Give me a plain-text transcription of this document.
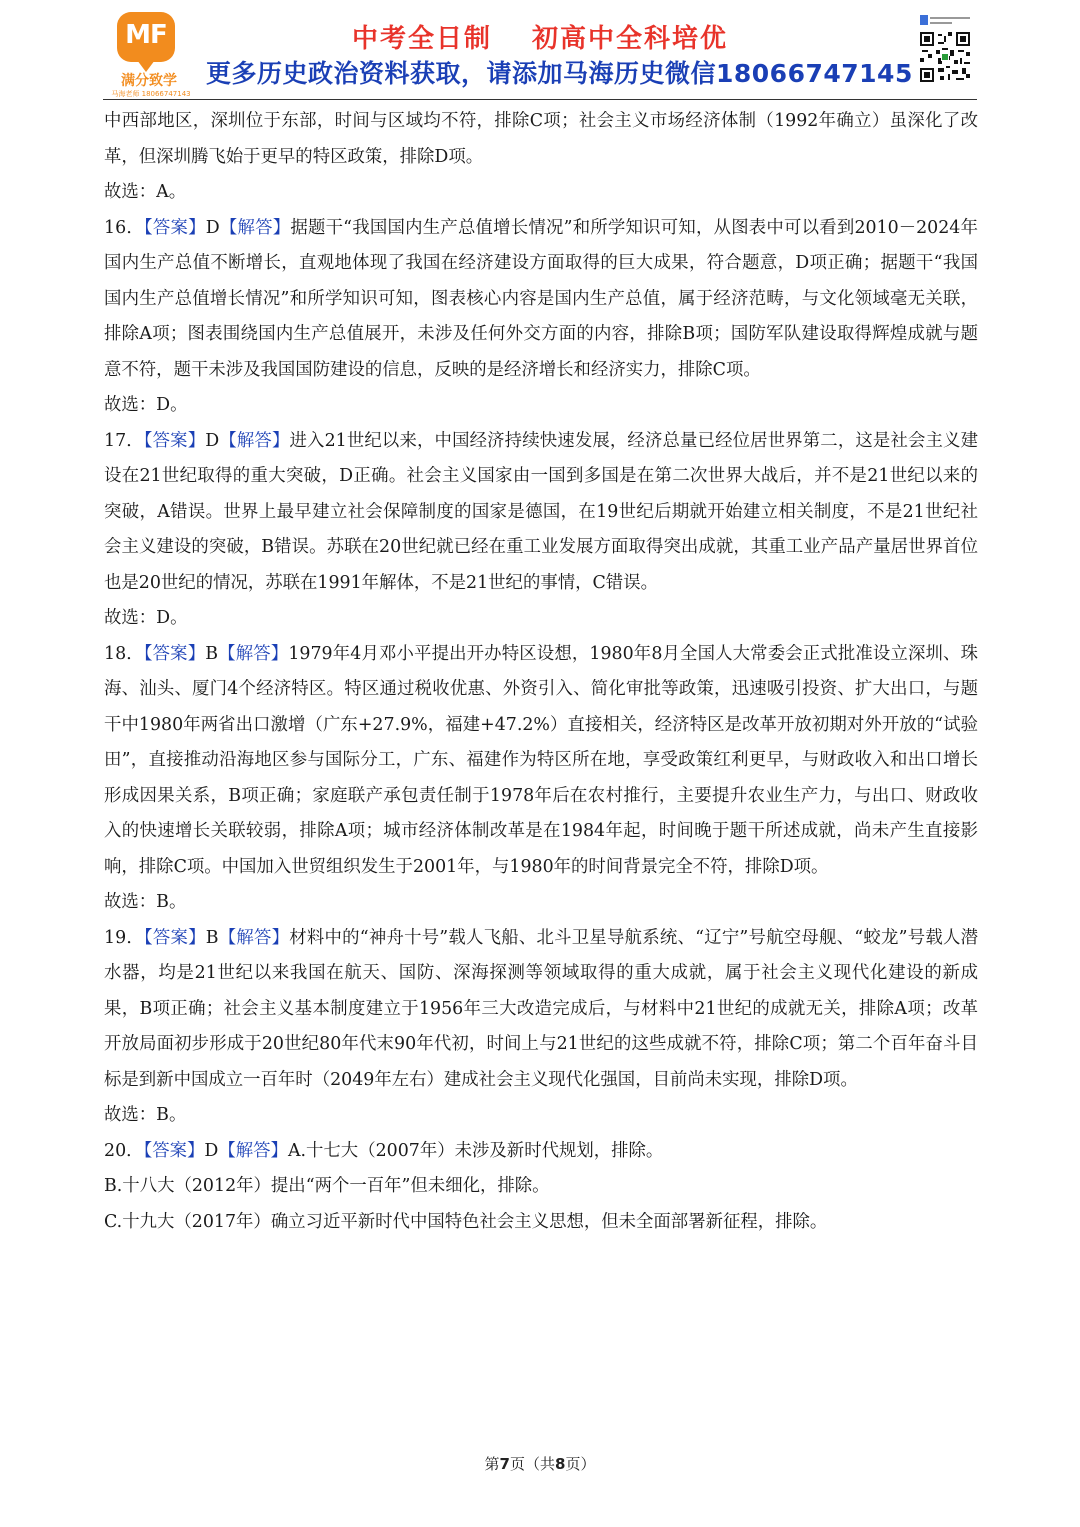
MF
满分致学
马海老师 18066747143
中考全日制 初高中全科培优
更多历史政治资料获取，请添加马海历史微信18066747145

中西部地区，深圳位于东部，时间与区域均不符，排除C项；社会主义市场经济体制（1992年确立）虽深化了改革，但深圳腾飞始于更早的特区政策，排除D项。

故选：A。

16．【答案】D【解答】据题干“我国国内生产总值增长情况”和所学知识可知，从图表中可以看到2010－2024年国内生产总值不断增长，直观地体现了我国在经济建设方面取得的巨大成果，符合题意，D项正确；据题干“我国国内生产总值增长情况”和所学知识可知，图表核心内容是国内生产总值，属于经济范畴，与文化领域毫无关联，排除A项；图表围绕国内生产总值展开，未涉及任何外交方面的内容，排除B项；国防军队建设取得辉煌成就与题意不符，题干未涉及我国国防建设的信息，反映的是经济增长和经济实力，排除C项。

故选：D。

17．【答案】D【解答】进入21世纪以来，中国经济持续快速发展，经济总量已经位居世界第二，这是社会主义建设在21世纪取得的重大突破，D正确。社会主义国家由一国到多国是在第二次世界大战后，并不是21世纪以来的突破，A错误。世界上最早建立社会保障制度的国家是德国，在19世纪后期就开始建立相关制度，不是21世纪社会主义建设的突破，B错误。苏联在20世纪就已经在重工业发展方面取得突出成就，其重工业产品产量居世界首位也是20世纪的情况，苏联在1991年解体，不是21世纪的事情，C错误。

故选：D。

18．【答案】B【解答】1979年4月邓小平提出开办特区设想，1980年8月全国人大常委会正式批准设立深圳、珠海、汕头、厦门4个经济特区。特区通过税收优惠、外资引入、简化审批等政策，迅速吸引投资、扩大出口，与题干中1980年两省出口激增（广东+27.9%，福建+47.2%）直接相关，经济特区是改革开放初期对外开放的“试验田”，直接推动沿海地区参与国际分工，广东、福建作为特区所在地，享受政策红利更早，与财政收入和出口增长形成因果关系，B项正确；家庭联产承包责任制于1978年后在农村推行，主要提升农业生产力，与出口、财政收入的快速增长关联较弱，排除A项；城市经济体制改革是在1984年起，时间晚于题干所述成就，尚未产生直接影响，排除C项。中国加入世贸组织发生于2001年，与1980年的时间背景完全不符，排除D项。

故选：B。

19．【答案】B【解答】材料中的“神舟十号”载人飞船、北斗卫星导航系统、“辽宁”号航空母舰、“蛟龙”号载人潜水器，均是21世纪以来我国在航天、国防、深海探测等领域取得的重大成就，属于社会主义现代化建设的新成果，B项正确；社会主义基本制度建立于1956年三大改造完成后，与材料中21世纪的成就无关，排除A项；改革开放局面初步形成于20世纪80年代末90年代初，时间上与21世纪的这些成就不符，排除C项；第二个百年奋斗目标是到新中国成立一百年时（2049年左右）建成社会主义现代化强国，目前尚未实现，排除D项。

故选：B。

20．【答案】D【解答】A.十七大（2007年）未涉及新时代规划，排除。

B.十八大（2012年）提出“两个一百年”但未细化，排除。

C.十九大（2017年）确立习近平新时代中国特色社会主义思想，但未全面部署新征程，排除。

第7页（共8页）
